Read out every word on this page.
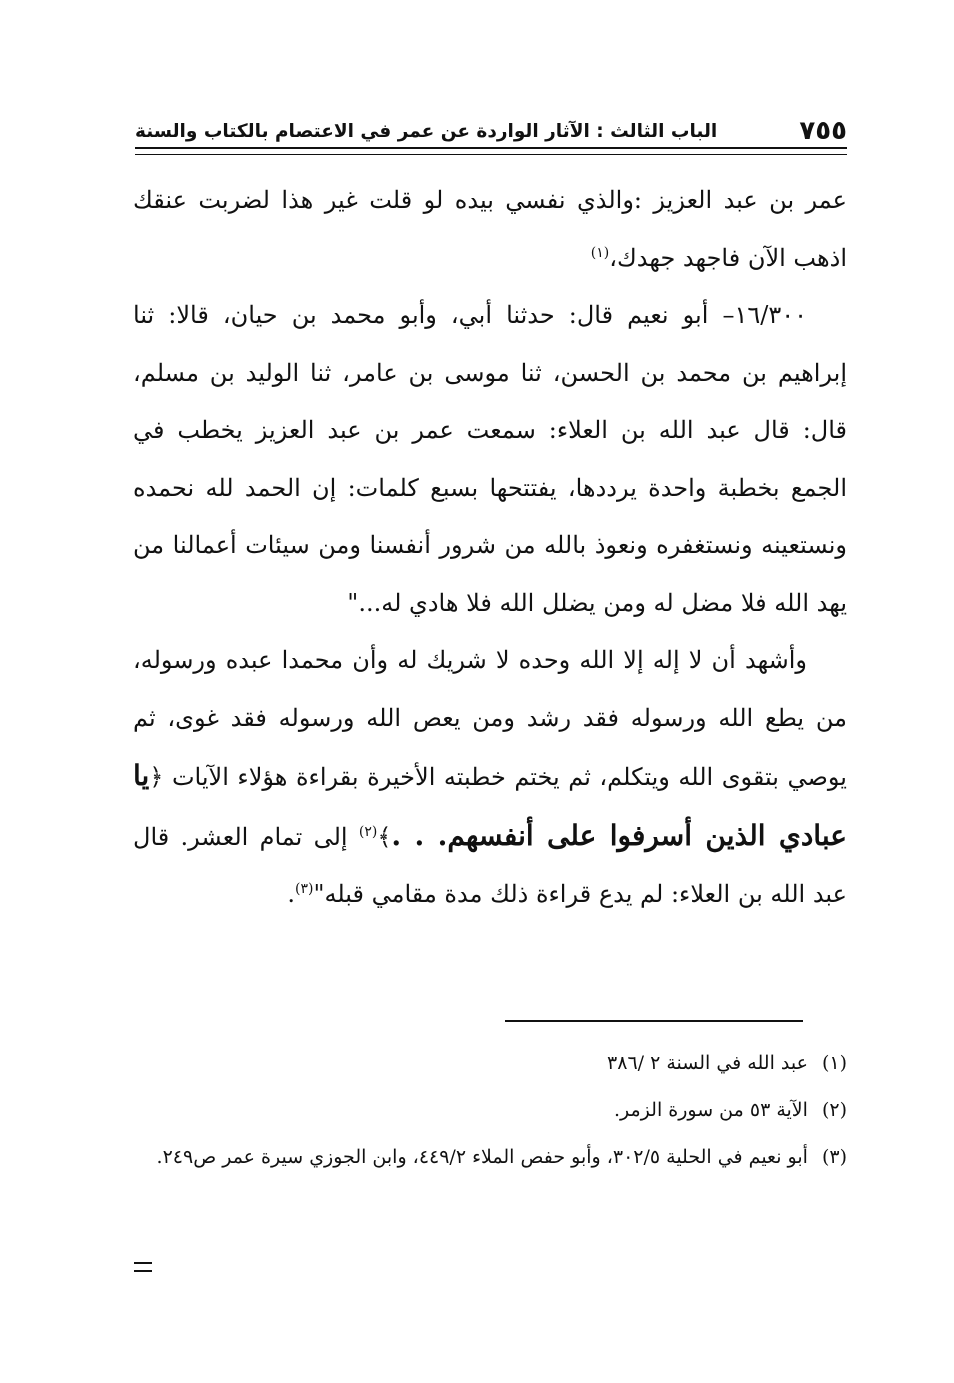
٧٥٥
الباب الثالث : الآثار الواردة عن عمر في الاعتصام بالكتاب والسنة

عمر بن عبد العزيز :والذي نفسي بيده لو قلت غير هذا لضربت عنقك اذهب الآن فاجهد جهدك،$^{(١)}$

١٦/٣٠٠– أبو نعيم قال: حدثنا أبي، وأبو محمد بن حيان، قالا: ثنا إبراهيم بن محمد بن الحسن، ثنا موسى بن عامر، ثنا الوليد بن مسلم، قال: قال عبد الله بن العلاء: سمعت عمر بن عبد العزيز يخطب في الجمع بخطبة واحدة يرددها، يفتتحها بسبع كلمات: إن الحمد لله نحمده ونستعينه ونستغفره ونعوذ بالله من شرور أنفسنا ومن سيئات أعمالنا من يهد الله فلا مضل له ومن يضلل الله فلا هادي له..."

وأشهد أن لا إله إلا الله وحده لا شريك له وأن محمدا عبده ورسوله، من يطع الله ورسوله فقد رشد ومن يعص الله ورسوله فقد غوى، ثم يوصي بتقوى الله ويتكلم، ثم يختم خطبته الأخيرة بقراءة هؤلاء الآيات ﴿يا عبادي الذين أسرفوا على أنفسهم. . .﴾$^{(٢)}$ إلى تمام العشر. قال عبد الله بن العلاء: لم يدع قراءة ذلك مدة مقامي قبله"$^{(٣)}$.

(١)
عبد الله في السنة ٢ /٣٨٦
(٢)
الآية ٥٣ من سورة الزمر.
(٣)
أبو نعيم في الحلية ٣٠٢/٥، وأبو حفص الملاء ٤٤٩/٢، وابن الجوزي سيرة عمر ص٢٤٩.
